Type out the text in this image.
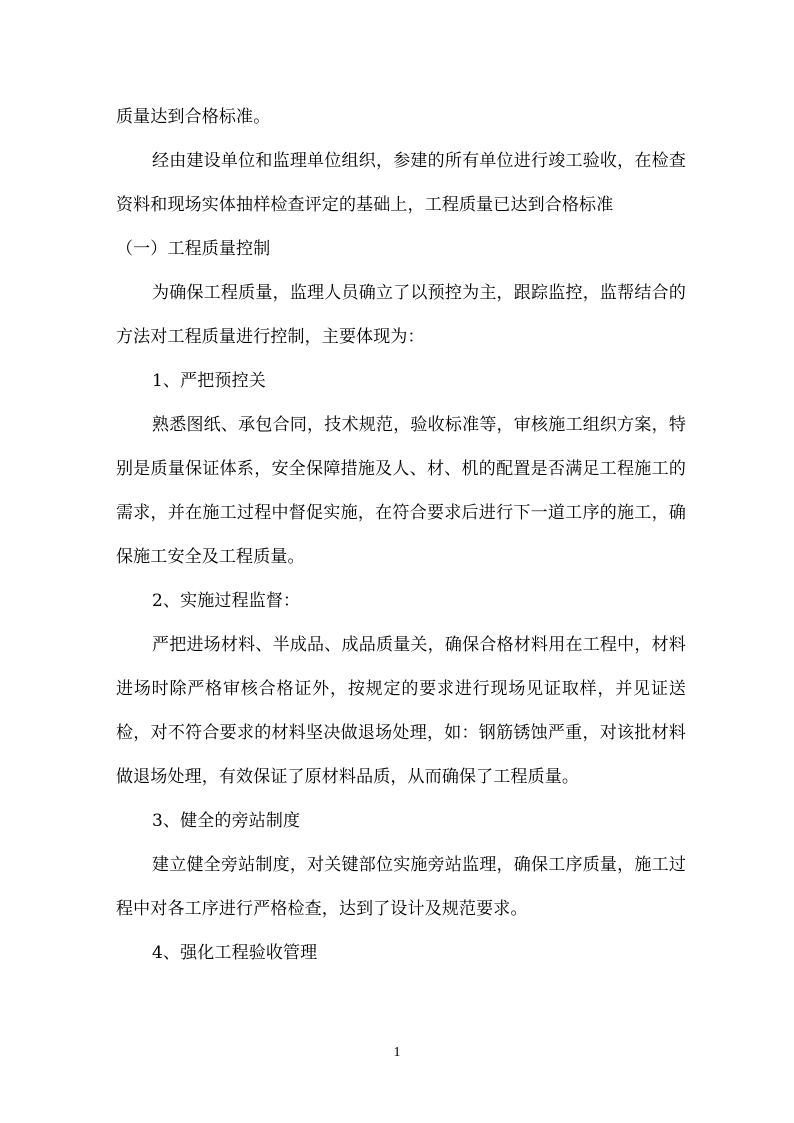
质量达到合格标准。

经由建设单位和监理单位组织，参建的所有单位进行竣工验收，在检查资料和现场实体抽样检查评定的基础上，工程质量已达到合格标准

（一）工程质量控制

为确保工程质量，监理人员确立了以预控为主，跟踪监控，监帮结合的方法对工程质量进行控制，主要体现为：

1、严把预控关

熟悉图纸、承包合同，技术规范，验收标准等，审核施工组织方案，特别是质量保证体系，安全保障措施及人、材、机的配置是否满足工程施工的需求，并在施工过程中督促实施，在符合要求后进行下一道工序的施工，确保施工安全及工程质量。

2、实施过程监督：

严把进场材料、半成品、成品质量关，确保合格材料用在工程中，材料进场时除严格审核合格证外，按规定的要求进行现场见证取样，并见证送检，对不符合要求的材料坚决做退场处理，如：钢筋锈蚀严重，对该批材料做退场处理，有效保证了原材料品质，从而确保了工程质量。

3、健全的旁站制度

建立健全旁站制度，对关键部位实施旁站监理，确保工序质量，施工过程中对各工序进行严格检查，达到了设计及规范要求。

4、强化工程验收管理

1
